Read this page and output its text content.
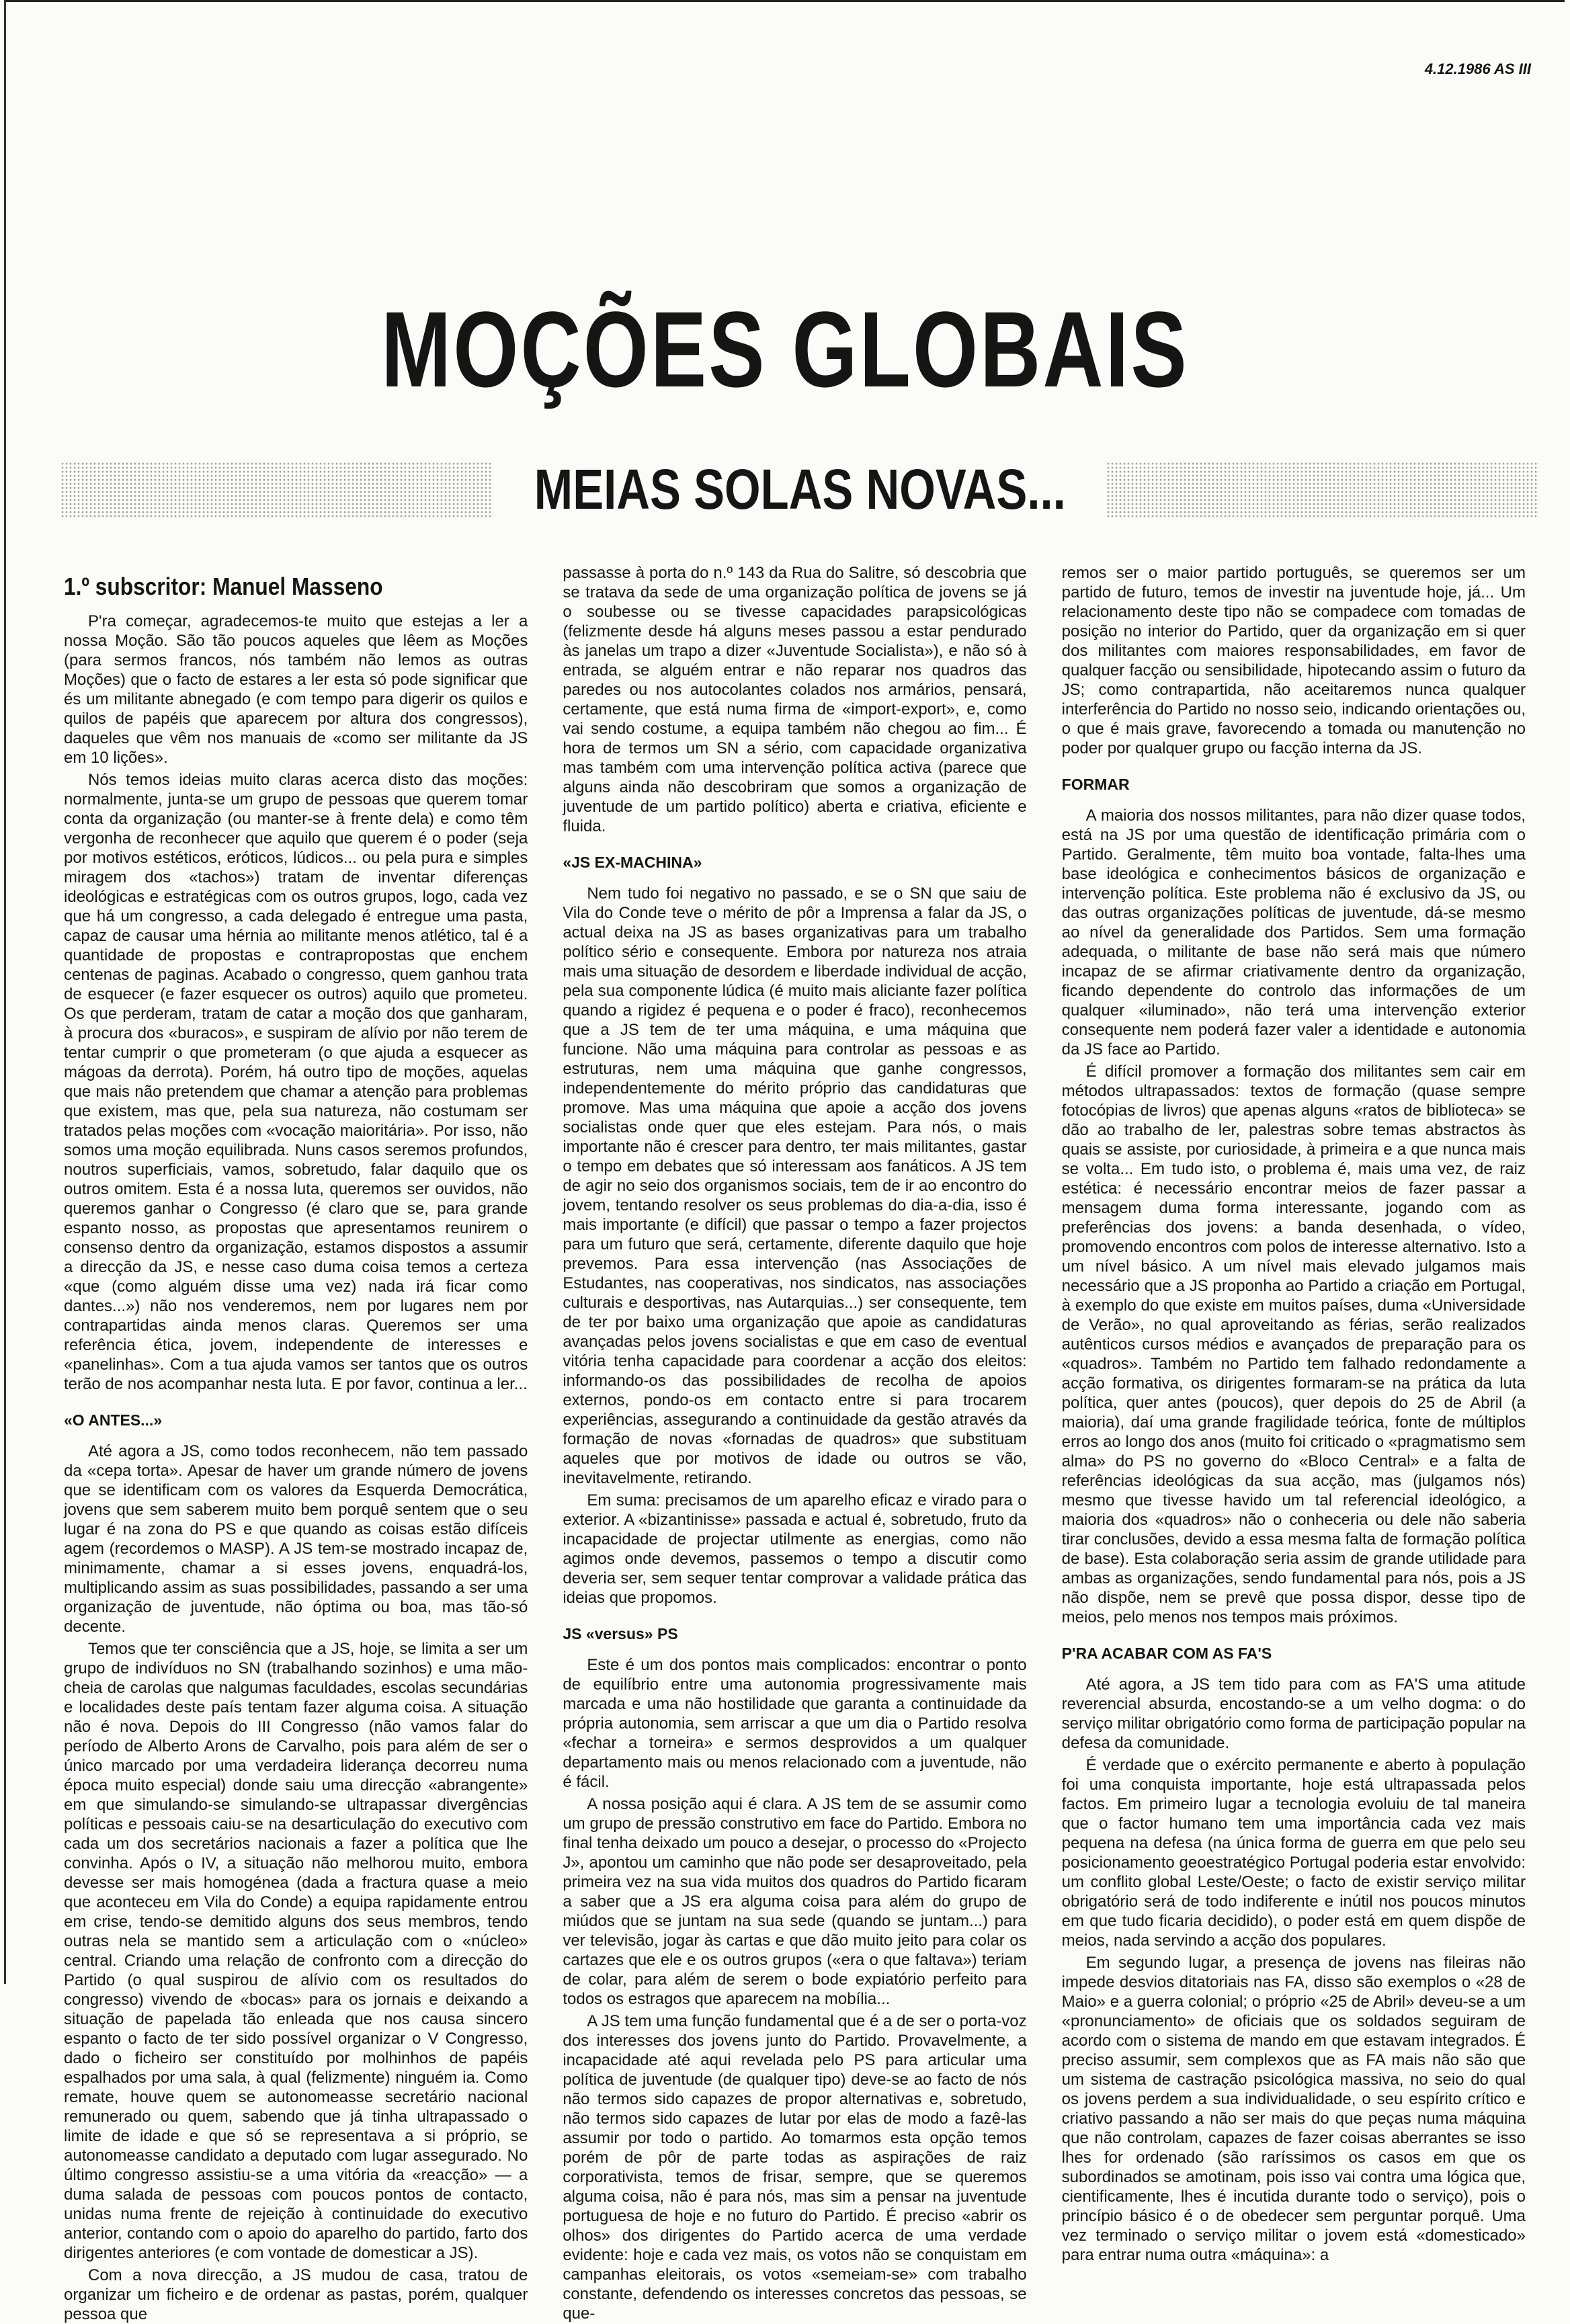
4.12.1986 AS III
MOÇÕES GLOBAIS
MEIAS SOLAS NOVAS...
1.º subscritor: Manuel Masseno

P'ra começar, agradecemos-te muito que estejas a ler a nossa Moção. São tão poucos aqueles que lêem as Moções (para sermos francos, nós também não lemos as outras Moções) que o facto de estares a ler esta só pode significar que és um militante abnegado (e com tempo para digerir os quilos e quilos de papéis que aparecem por altura dos congressos), daqueles que vêm nos manuais de «como ser militante da JS em 10 lições».

Nós temos ideias muito claras acerca disto das moções: normalmente, junta-se um grupo de pessoas que querem tomar conta da organização (ou manter-se à frente dela) e como têm vergonha de reconhecer que aquilo que querem é o poder (seja por motivos estéticos, eróticos, lúdicos... ou pela pura e simples miragem dos «tachos») tratam de inventar diferenças ideológicas e estratégicas com os outros grupos, logo, cada vez que há um congresso, a cada delegado é entregue uma pasta, capaz de causar uma hérnia ao militante menos atlético, tal é a quantidade de propostas e contrapropostas que enchem centenas de paginas. Acabado o congresso, quem ganhou trata de esquecer (e fazer esquecer os outros) aquilo que prometeu. Os que perderam, tratam de catar a moção dos que ganharam, à procura dos «buracos», e suspiram de alívio por não terem de tentar cumprir o que prometeram (o que ajuda a esquecer as mágoas da derrota). Porém, há outro tipo de moções, aquelas que mais não pretendem que chamar a atenção para problemas que existem, mas que, pela sua natureza, não costumam ser tratados pelas moções com «vocação maioritária». Por isso, não somos uma moção equilibrada. Nuns casos seremos profundos, noutros superficiais, vamos, sobretudo, falar daquilo que os outros omitem. Esta é a nossa luta, queremos ser ouvidos, não queremos ganhar o Congresso (é claro que se, para grande espanto nosso, as propostas que apresentamos reunirem o consenso dentro da organização, estamos dispostos a assumir a direcção da JS, e nesse caso duma coisa temos a certeza «que (como alguém disse uma vez) nada irá ficar como dantes...») não nos venderemos, nem por lugares nem por contrapartidas ainda menos claras. Queremos ser uma referência ética, jovem, independente de interesses e «panelinhas». Com a tua ajuda vamos ser tantos que os outros terão de nos acompanhar nesta luta. E por favor, continua a ler...

«O ANTES...»

Até agora a JS, como todos reconhecem, não tem passado da «cepa torta». Apesar de haver um grande número de jovens que se identificam com os valores da Esquerda Democrática, jovens que sem saberem muito bem porquê sentem que o seu lugar é na zona do PS e que quando as coisas estão difíceis agem (recordemos o MASP). A JS tem-se mostrado incapaz de, minimamente, chamar a si esses jovens, enquadrá-los, multiplicando assim as suas possibilidades, passando a ser uma organização de juventude, não óptima ou boa, mas tão-só decente.

Temos que ter consciência que a JS, hoje, se limita a ser um grupo de indivíduos no SN (trabalhando sozinhos) e uma mão-cheia de carolas que nalgumas faculdades, escolas secundárias e localidades deste país tentam fazer alguma coisa. A situação não é nova. Depois do III Congresso (não vamos falar do período de Alberto Arons de Carvalho, pois para além de ser o único marcado por uma verdadeira liderança decorreu numa época muito especial) donde saiu uma direcção «abrangente» em que simulando-se simulando-se ultrapassar divergências políticas e pessoais caiu-se na desarticulação do executivo com cada um dos secretários nacionais a fazer a política que lhe convinha. Após o IV, a situação não melhorou muito, embora devesse ser mais homogénea (dada a fractura quase a meio que aconteceu em Vila do Conde) a equipa rapidamente entrou em crise, tendo-se demitido alguns dos seus membros, tendo outras nela se mantido sem a articulação com o «núcleo» central. Criando uma relação de confronto com a direcção do Partido (o qual suspirou de alívio com os resultados do congresso) vivendo de «bocas» para os jornais e deixando a situação de papelada tão enleada que nos causa sincero espanto o facto de ter sido possível organizar o V Congresso, dado o ficheiro ser constituído por molhinhos de papéis espalhados por uma sala, à qual (felizmente) ninguém ia. Como remate, houve quem se autonomeasse secretário nacional remunerado ou quem, sabendo que já tinha ultrapassado o limite de idade e que só se representava a si próprio, se autonomeasse candidato a deputado com lugar assegurado. No último congresso assistiu-se a uma vitória da «reacção» — a duma salada de pessoas com poucos pontos de contacto, unidas numa frente de rejeição à continuidade do executivo anterior, contando com o apoio do aparelho do partido, farto dos dirigentes anteriores (e com vontade de domesticar a JS).

Com a nova direcção, a JS mudou de casa, tratou de organizar um ficheiro e de ordenar as pastas, porém, qualquer pessoa que

passasse à porta do n.º 143 da Rua do Salitre, só descobria que se tratava da sede de uma organização política de jovens se já o soubesse ou se tivesse capacidades parapsicológicas (felizmente desde há alguns meses passou a estar pendurado às janelas um trapo a dizer «Juventude Socialista»), e não só à entrada, se alguém entrar e não reparar nos quadros das paredes ou nos autocolantes colados nos armários, pensará, certamente, que está numa firma de «import-export», e, como vai sendo costume, a equipa também não chegou ao fim... É hora de termos um SN a sério, com capacidade organizativa mas também com uma intervenção política activa (parece que alguns ainda não descobriram que somos a organização de juventude de um partido político) aberta e criativa, eficiente e fluida.

«JS EX-MACHINA»

Nem tudo foi negativo no passado, e se o SN que saiu de Vila do Conde teve o mérito de pôr a Imprensa a falar da JS, o actual deixa na JS as bases organizativas para um trabalho político sério e consequente. Embora por natureza nos atraia mais uma situação de desordem e liberdade individual de acção, pela sua componente lúdica (é muito mais aliciante fazer política quando a rigidez é pequena e o poder é fraco), reconhecemos que a JS tem de ter uma máquina, e uma máquina que funcione. Não uma máquina para controlar as pessoas e as estruturas, nem uma máquina que ganhe congressos, independentemente do mérito próprio das candidaturas que promove. Mas uma máquina que apoie a acção dos jovens socialistas onde quer que eles estejam. Para nós, o mais importante não é crescer para dentro, ter mais militantes, gastar o tempo em debates que só interessam aos fanáticos. A JS tem de agir no seio dos organismos sociais, tem de ir ao encontro do jovem, tentando resolver os seus problemas do dia-a-dia, isso é mais importante (e difícil) que passar o tempo a fazer projectos para um futuro que será, certamente, diferente daquilo que hoje prevemos. Para essa intervenção (nas Associações de Estudantes, nas cooperativas, nos sindicatos, nas associações culturais e desportivas, nas Autarquias...) ser consequente, tem de ter por baixo uma organização que apoie as candidaturas avançadas pelos jovens socialistas e que em caso de eventual vitória tenha capacidade para coordenar a acção dos eleitos: informando-os das possibilidades de recolha de apoios externos, pondo-os em contacto entre si para trocarem experiências, assegurando a continuidade da gestão através da formação de novas «fornadas de quadros» que substituam aqueles que por motivos de idade ou outros se vão, inevitavelmente, retirando.

Em suma: precisamos de um aparelho eficaz e virado para o exterior. A «bizantinisse» passada e actual é, sobretudo, fruto da incapacidade de projectar utilmente as energias, como não agimos onde devemos, passemos o tempo a discutir como deveria ser, sem sequer tentar comprovar a validade prática das ideias que propomos.

JS «versus» PS

Este é um dos pontos mais complicados: encontrar o ponto de equilíbrio entre uma autonomia progressivamente mais marcada e uma não hostilidade que garanta a continuidade da própria autonomia, sem arriscar a que um dia o Partido resolva «fechar a torneira» e sermos desprovidos a um qualquer departamento mais ou menos relacionado com a juventude, não é fácil.

A nossa posição aqui é clara. A JS tem de se assumir como um grupo de pressão construtivo em face do Partido. Embora no final tenha deixado um pouco a desejar, o processo do «Projecto J», apontou um caminho que não pode ser desaproveitado, pela primeira vez na sua vida muitos dos quadros do Partido ficaram a saber que a JS era alguma coisa para além do grupo de miúdos que se juntam na sua sede (quando se juntam...) para ver televisão, jogar às cartas e que dão muito jeito para colar os cartazes que ele e os outros grupos («era o que faltava») teriam de colar, para além de serem o bode expiatório perfeito para todos os estragos que aparecem na mobília...

A JS tem uma função fundamental que é a de ser o porta-voz dos interesses dos jovens junto do Partido. Provavelmente, a incapacidade até aqui revelada pelo PS para articular uma política de juventude (de qualquer tipo) deve-se ao facto de nós não termos sido capazes de propor alternativas e, sobretudo, não termos sido capazes de lutar por elas de modo a fazê-las assumir por todo o partido. Ao tomarmos esta opção temos porém de pôr de parte todas as aspirações de raiz corporativista, temos de frisar, sempre, que se queremos alguma coisa, não é para nós, mas sim a pensar na juventude portuguesa de hoje e no futuro do Partido. É preciso «abrir os olhos» dos dirigentes do Partido acerca de uma verdade evidente: hoje e cada vez mais, os votos não se conquistam em campanhas eleitorais, os votos «semeiam-se» com trabalho constante, defendendo os interesses concretos das pessoas, se que-

remos ser o maior partido português, se queremos ser um partido de futuro, temos de investir na juventude hoje, já... Um relacionamento deste tipo não se compadece com tomadas de posição no interior do Partido, quer da organização em si quer dos militantes com maiores responsabilidades, em favor de qualquer facção ou sensibilidade, hipotecando assim o futuro da JS; como contrapartida, não aceitaremos nunca qualquer interferência do Partido no nosso seio, indicando orientações ou, o que é mais grave, favorecendo a tomada ou manutenção no poder por qualquer grupo ou facção interna da JS.

FORMAR

A maioria dos nossos militantes, para não dizer quase todos, está na JS por uma questão de identificação primária com o Partido. Geralmente, têm muito boa vontade, falta-lhes uma base ideológica e conhecimentos básicos de organização e intervenção política. Este problema não é exclusivo da JS, ou das outras organizações políticas de juventude, dá-se mesmo ao nível da generalidade dos Partidos. Sem uma formação adequada, o militante de base não será mais que número incapaz de se afirmar criativamente dentro da organização, ficando dependente do controlo das informações de um qualquer «iluminado», não terá uma intervenção exterior consequente nem poderá fazer valer a identidade e autonomia da JS face ao Partido.

É difícil promover a formação dos militantes sem cair em métodos ultrapassados: textos de formação (quase sempre fotocópias de livros) que apenas alguns «ratos de biblioteca» se dão ao trabalho de ler, palestras sobre temas abstractos às quais se assiste, por curiosidade, à primeira e a que nunca mais se volta... Em tudo isto, o problema é, mais uma vez, de raiz estética: é necessário encontrar meios de fazer passar a mensagem duma forma interessante, jogando com as preferências dos jovens: a banda desenhada, o vídeo, promovendo encontros com polos de interesse alternativo. Isto a um nível básico. A um nível mais elevado julgamos mais necessário que a JS proponha ao Partido a criação em Portugal, à exemplo do que existe em muitos países, duma «Universidade de Verão», no qual aproveitando as férias, serão realizados autênticos cursos médios e avançados de preparação para os «quadros». Também no Partido tem falhado redondamente a acção formativa, os dirigentes formaram-se na prática da luta política, quer antes (poucos), quer depois do 25 de Abril (a maioria), daí uma grande fragilidade teórica, fonte de múltiplos erros ao longo dos anos (muito foi criticado o «pragmatismo sem alma» do PS no governo do «Bloco Central» e a falta de referências ideológicas da sua acção, mas (julgamos nós) mesmo que tivesse havido um tal referencial ideológico, a maioria dos «quadros» não o conheceria ou dele não saberia tirar conclusões, devido a essa mesma falta de formação política de base). Esta colaboração seria assim de grande utilidade para ambas as organizações, sendo fundamental para nós, pois a JS não dispõe, nem se prevê que possa dispor, desse tipo de meios, pelo menos nos tempos mais próximos.

P'RA ACABAR COM AS FA'S

Até agora, a JS tem tido para com as FA'S uma atitude reverencial absurda, encostando-se a um velho dogma: o do serviço militar obrigatório como forma de participação popular na defesa da comunidade.

É verdade que o exército permanente e aberto à população foi uma conquista importante, hoje está ultrapassada pelos factos. Em primeiro lugar a tecnologia evoluiu de tal maneira que o factor humano tem uma importância cada vez mais pequena na defesa (na única forma de guerra em que pelo seu posicionamento geoestratégico Portugal poderia estar envolvido: um conflito global Leste/Oeste; o facto de existir serviço militar obrigatório será de todo indiferente e inútil nos poucos minutos em que tudo ficaria decidido), o poder está em quem dispõe de meios, nada servindo a acção dos populares.

Em segundo lugar, a presença de jovens nas fileiras não impede desvios ditatoriais nas FA, disso são exemplos o «28 de Maio» e a guerra colonial; o próprio «25 de Abril» deveu-se a um «pronunciamento» de oficiais que os soldados seguiram de acordo com o sistema de mando em que estavam integrados. É preciso assumir, sem complexos que as FA mais não são que um sistema de castração psicológica massiva, no seio do qual os jovens perdem a sua individualidade, o seu espírito crítico e criativo passando a não ser mais do que peças numa máquina que não controlam, capazes de fazer coisas aberrantes se isso lhes for ordenado (são raríssimos os casos em que os subordinados se amotinam, pois isso vai contra uma lógica que, cientificamente, lhes é incutida durante todo o serviço), pois o princípio básico é o de obedecer sem perguntar porquê. Uma vez terminado o serviço militar o jovem está «domesticado» para entrar numa outra «máquina»: a
